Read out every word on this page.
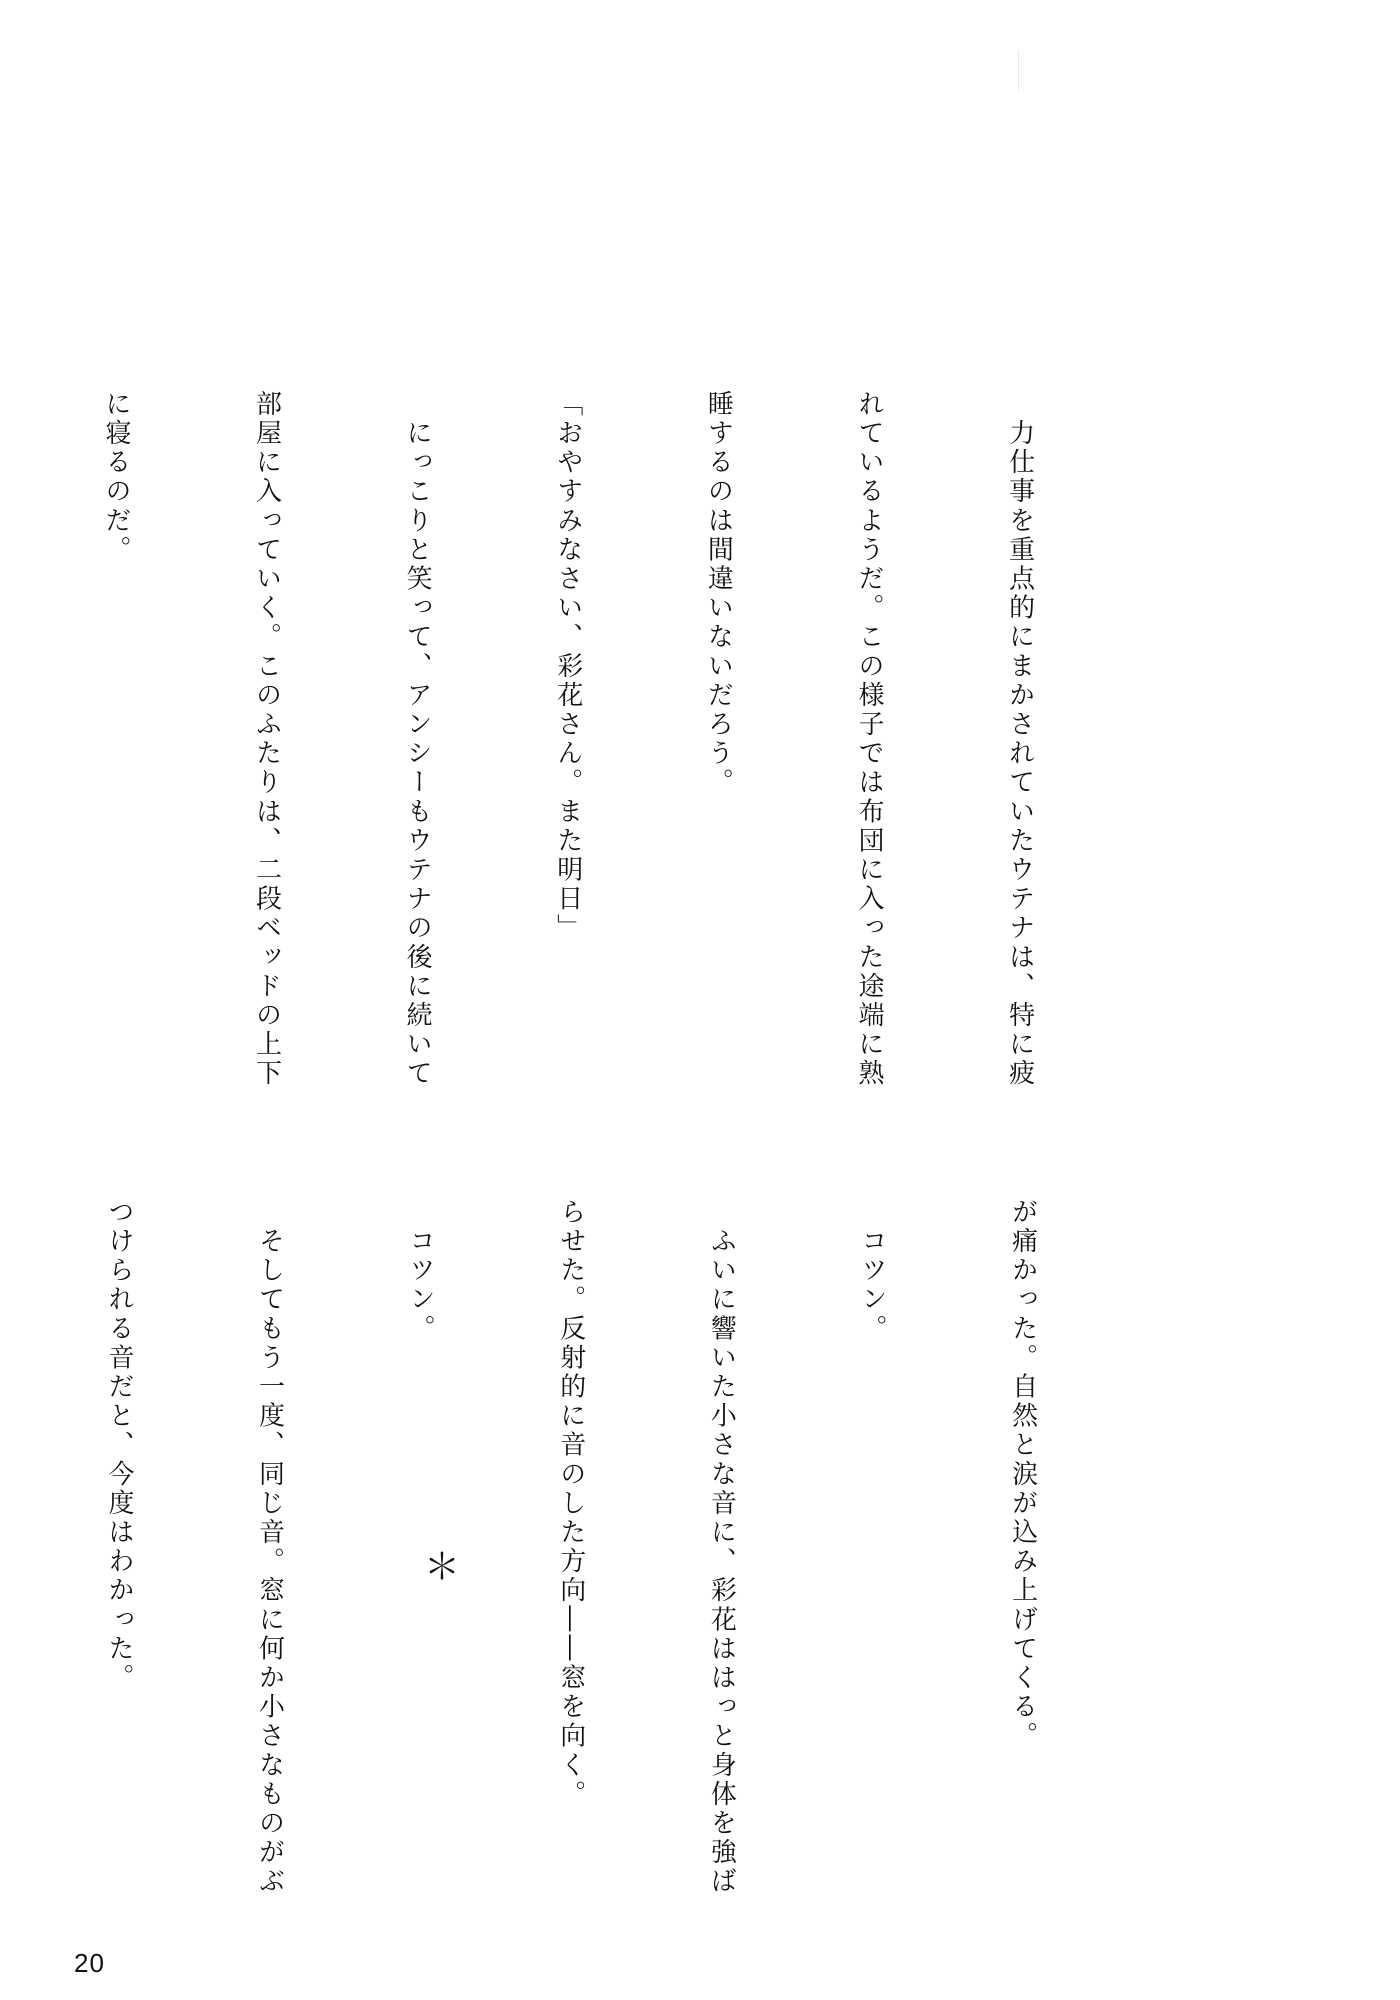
　力仕事を重点的にまかされていたウテナは、特に疲

れているようだ。この様子では布団に入った途端に熟

睡するのは間違いないだろう。

「おやすみなさい、彩花さん。また明日」

　にっこりと笑って、アンシーもウテナの後に続いて

部屋に入っていく。このふたりは、二段ベッドの上下

に寝るのだ。

が痛かった。自然と涙が込み上げてくる。

　コツン。

　ふいに響いた小さな音に、彩花ははっと身体を強ば

らせた。反射的に音のした方向――窓を向く。

　コツン。

　そしてもう一度、同じ音。窓に何か小さなものがぶ

つけられる音だと、今度はわかった。

	＊
20
